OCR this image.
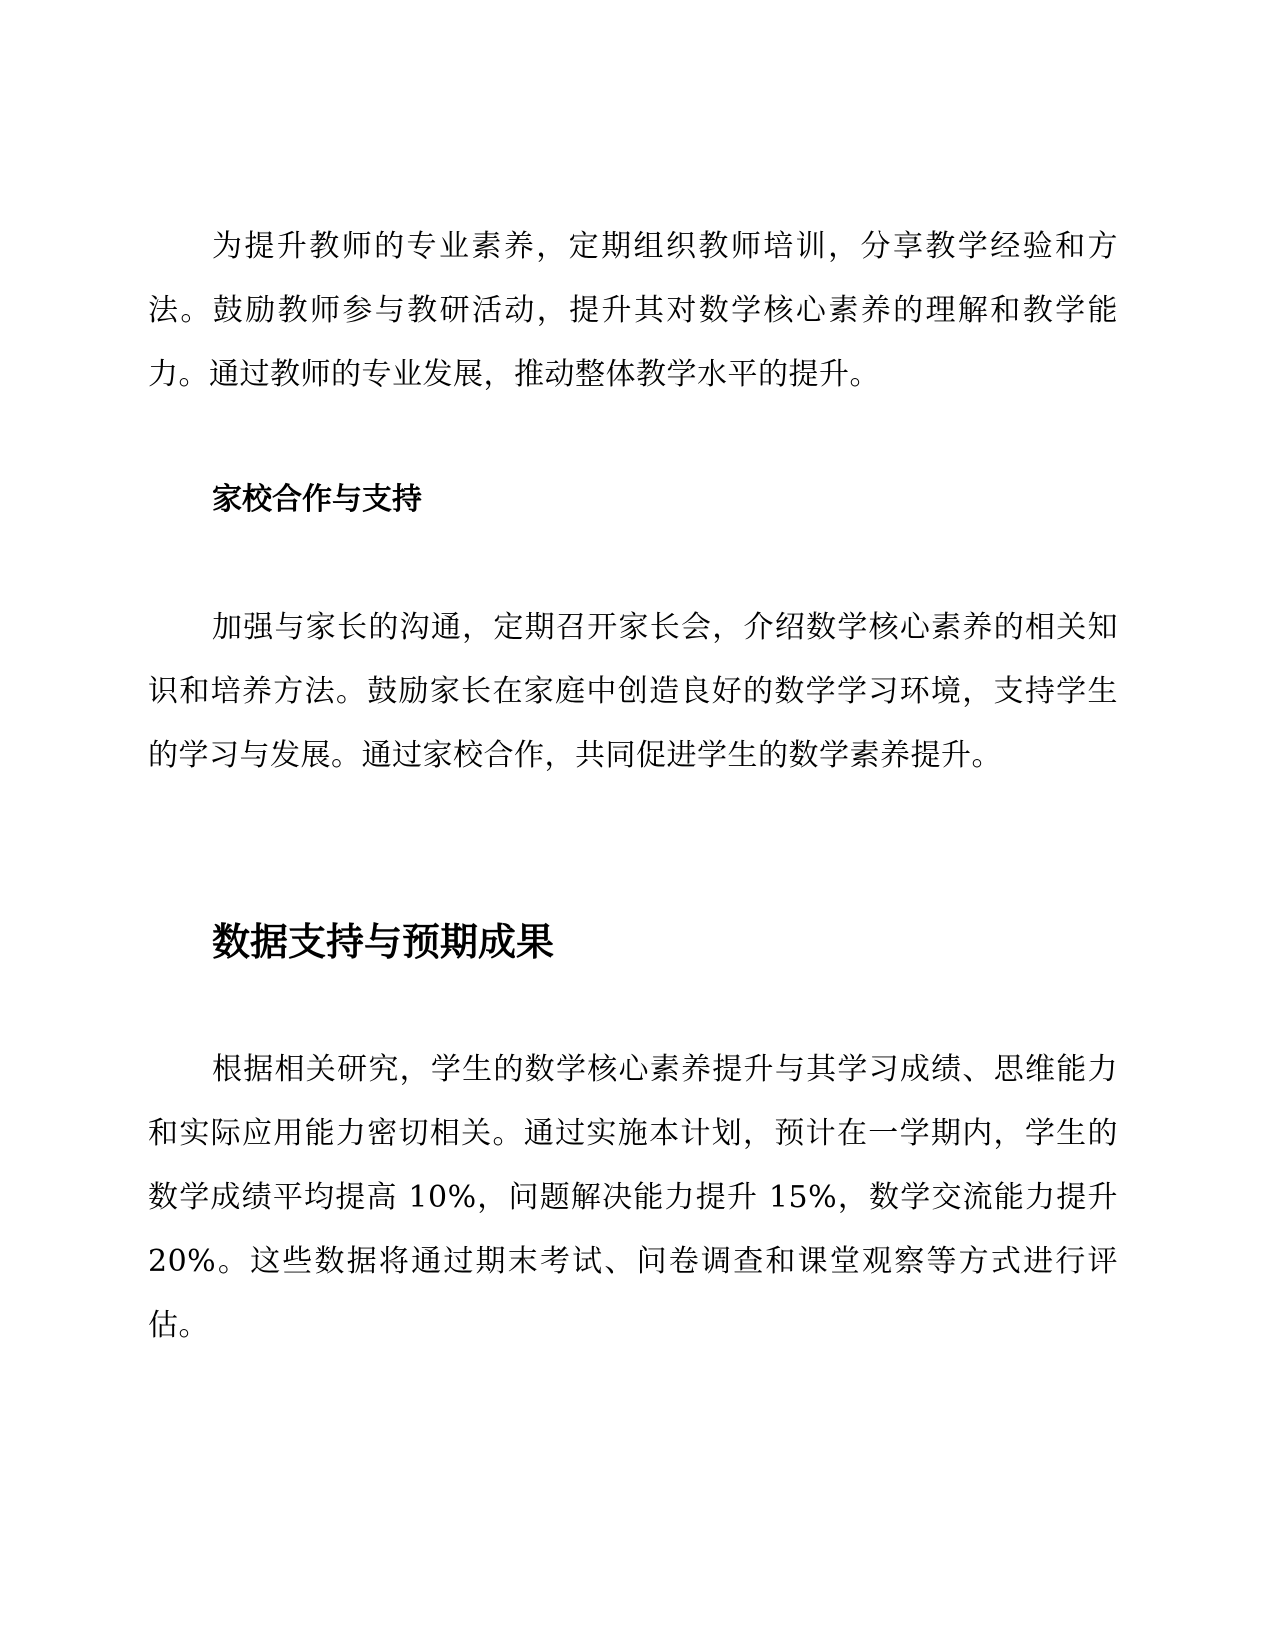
为提升教师的专业素养，定期组织教师培训，分享教学经验和方法。鼓励教师参与教研活动，提升其对数学核心素养的理解和教学能力。通过教师的专业发展，推动整体教学水平的提升。

家校合作与支持

加强与家长的沟通，定期召开家长会，介绍数学核心素养的相关知识和培养方法。鼓励家长在家庭中创造良好的数学学习环境，支持学生的学习与发展。通过家校合作，共同促进学生的数学素养提升。

数据支持与预期成果

根据相关研究，学生的数学核心素养提升与其学习成绩、思维能力和实际应用能力密切相关。通过实施本计划，预计在一学期内，学生的数学成绩平均提高 10%，问题解决能力提升 15%，数学交流能力提升 20%。这些数据将通过期末考试、问卷调查和课堂观察等方式进行评估。
